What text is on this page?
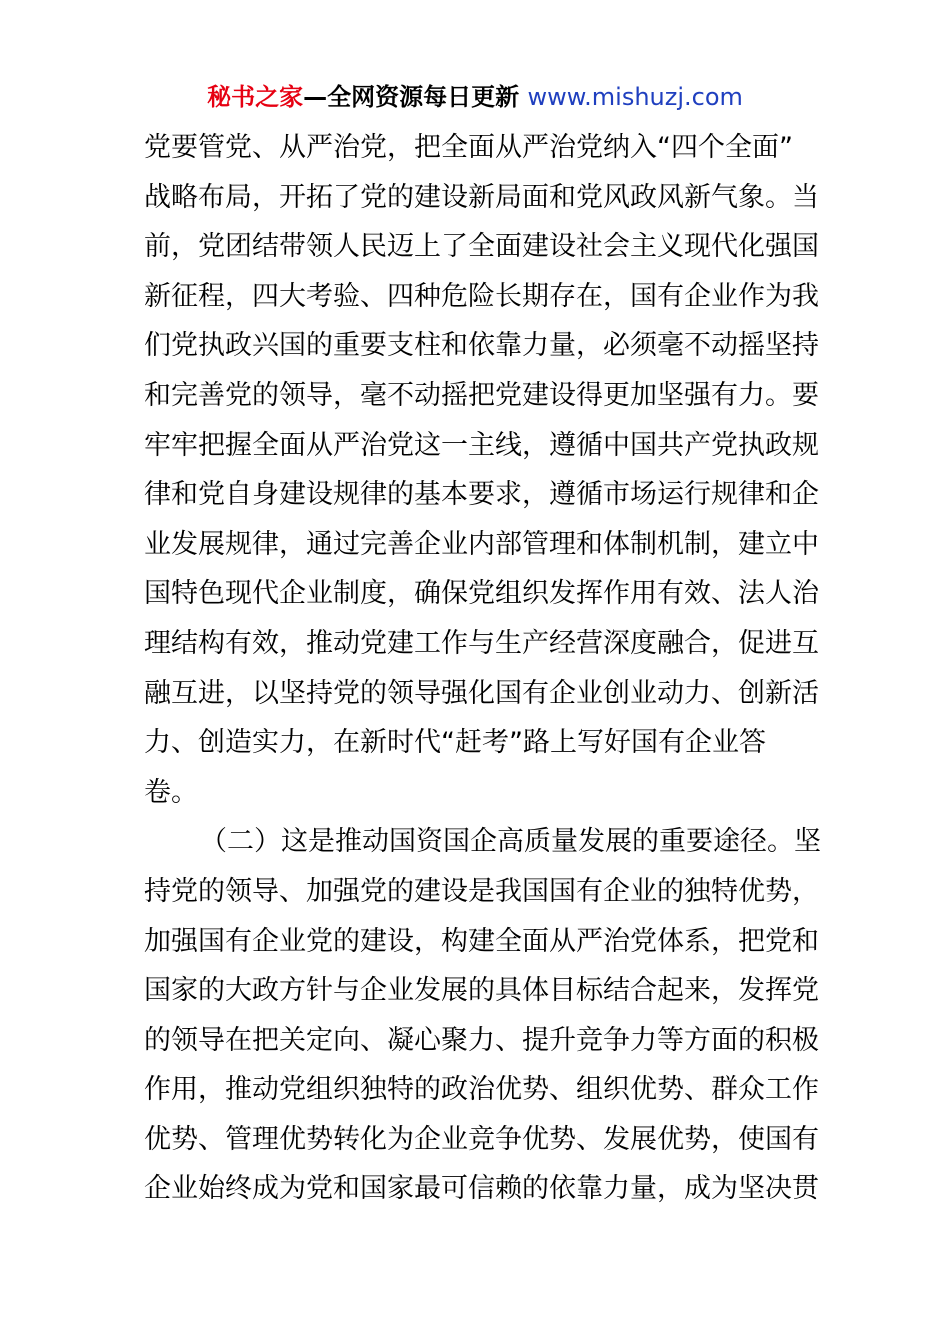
秘书之家—全网资源每日更新 www.mishuzj.com
党要管党、从严治党，把全面从严治党纳入“四个全面”
战略布局，开拓了党的建设新局面和党风政风新气象。当
前，党团结带领人民迈上了全面建设社会主义现代化强国
新征程，四大考验、四种危险长期存在，国有企业作为我
们党执政兴国的重要支柱和依靠力量，必须毫不动摇坚持
和完善党的领导，毫不动摇把党建设得更加坚强有力。要
牢牢把握全面从严治党这一主线，遵循中国共产党执政规
律和党自身建设规律的基本要求，遵循市场运行规律和企
业发展规律，通过完善企业内部管理和体制机制，建立中
国特色现代企业制度，确保党组织发挥作用有效、法人治
理结构有效，推动党建工作与生产经营深度融合，促进互
融互进，以坚持党的领导强化国有企业创业动力、创新活
力、创造实力，在新时代“赶考”路上写好国有企业答
卷。
（二）这是推动国资国企高质量发展的重要途径。坚
持党的领导、加强党的建设是我国国有企业的独特优势，
加强国有企业党的建设，构建全面从严治党体系，把党和
国家的大政方针与企业发展的具体目标结合起来，发挥党
的领导在把关定向、凝心聚力、提升竞争力等方面的积极
作用，推动党组织独特的政治优势、组织优势、群众工作
优势、管理优势转化为企业竞争优势、发展优势，使国有
企业始终成为党和国家最可信赖的依靠力量，成为坚决贯
